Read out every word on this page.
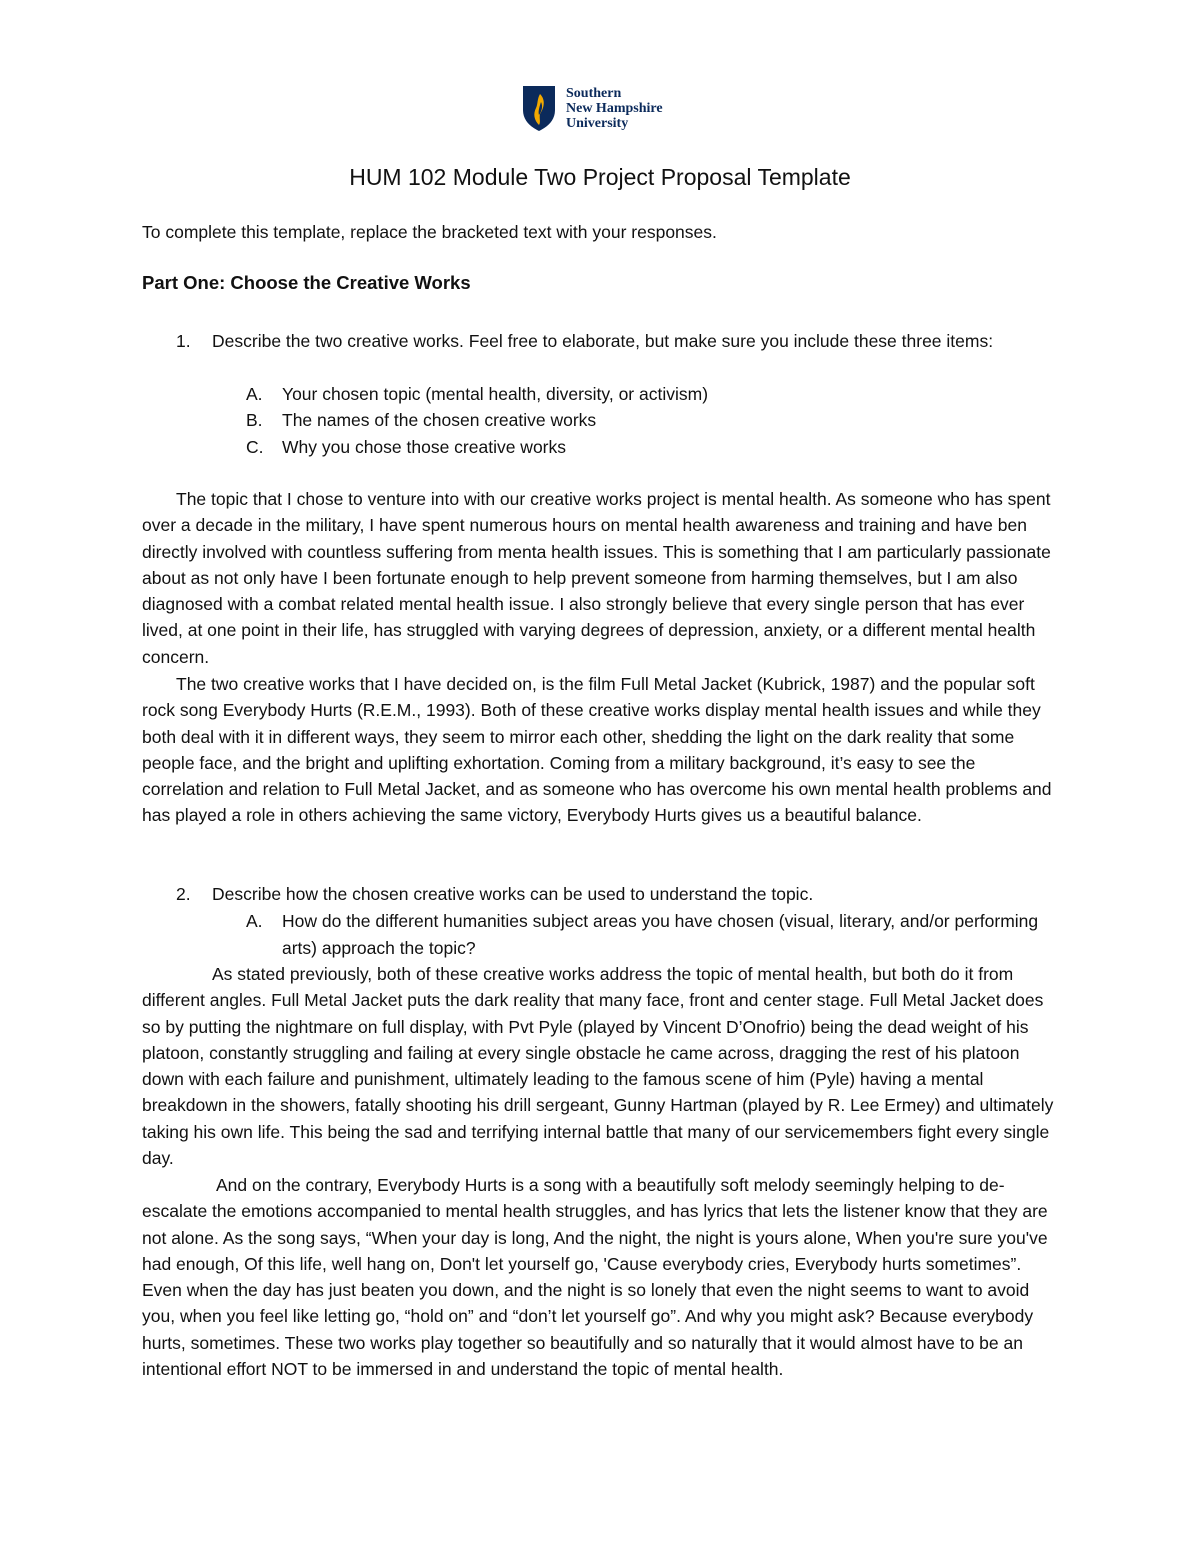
Southern
New Hampshire
University
HUM 102 Module Two Project Proposal Template

To complete this template, replace the bracketed text with your responses.

Part One: Choose the Creative Works
1. Describe the two creative works. Feel free to elaborate, but make sure you include these three items:

A. Your chosen topic (mental health, diversity, or activism)

B. The names of the chosen creative works

C. Why you chose those creative works

The topic that I chose to venture into with our creative works project is mental health. As someone who has spent over a decade in the military, I have spent numerous hours on mental health awareness and training and have ben directly involved with countless suffering from menta health issues. This is something that I am particularly passionate about as not only have I been fortunate enough to help prevent someone from harming themselves, but I am also diagnosed with a combat related mental health issue. I also strongly believe that every single person that has ever lived, at one point in their life, has struggled with varying degrees of depression, anxiety, or a different mental health concern.

The two creative works that I have decided on, is the film Full Metal Jacket (Kubrick, 1987) and the popular soft rock song Everybody Hurts (R.E.M., 1993). Both of these creative works display mental health issues and while they both deal with it in different ways, they seem to mirror each other, shedding the light on the dark reality that some people face, and the bright and uplifting exhortation. Coming from a military background, it’s easy to see the correlation and relation to Full Metal Jacket, and as someone who has overcome his own mental health problems and has played a role in others achieving the same victory, Everybody Hurts gives us a beautiful balance.

2. Describe how the chosen creative works can be used to understand the topic.

A. How do the different humanities subject areas you have chosen (visual, literary, and/or performing arts) approach the topic?

As stated previously, both of these creative works address the topic of mental health, but both do it from different angles. Full Metal Jacket puts the dark reality that many face, front and center stage. Full Metal Jacket does so by putting the nightmare on full display, with Pvt Pyle (played by Vincent D’Onofrio) being the dead weight of his platoon, constantly struggling and failing at every single obstacle he came across, dragging the rest of his platoon down with each failure and punishment, ultimately leading to the famous scene of him (Pyle) having a mental breakdown in the showers, fatally shooting his drill sergeant, Gunny Hartman (played by R. Lee Ermey) and ultimately taking his own life. This being the sad and terrifying internal battle that many of our servicemembers fight every single day.

And on the contrary, Everybody Hurts is a song with a beautifully soft melody seemingly helping to de-escalate the emotions accompanied to mental health struggles, and has lyrics that lets the listener know that they are not alone. As the song says, “When your day is long, And the night, the night is yours alone, When you're sure you've had enough, Of this life, well hang on, Don't let yourself go, 'Cause everybody cries, Everybody hurts sometimes”. Even when the day has just beaten you down, and the night is so lonely that even the night seems to want to avoid you, when you feel like letting go, “hold on” and “don’t let yourself go”. And why you might ask? Because everybody hurts, sometimes. These two works play together so beautifully and so naturally that it would almost have to be an intentional effort NOT to be immersed in and understand the topic of mental health.
